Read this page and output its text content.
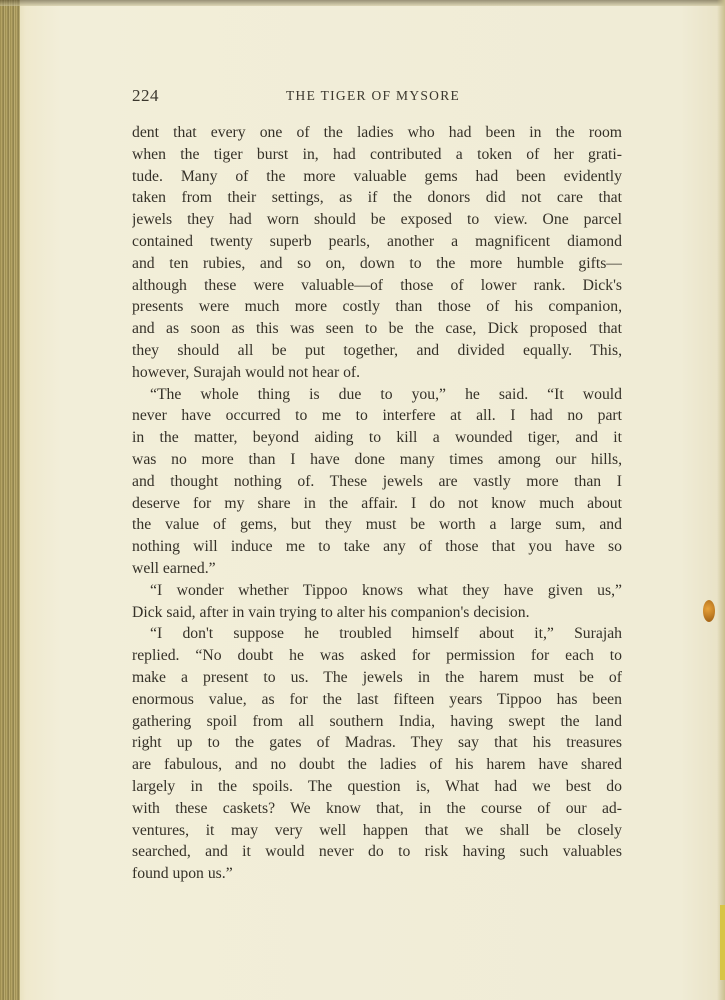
224	THE TIGER OF MYSORE
dent that every one of the ladies who had been in the room
when the tiger burst in, had contributed a token of her grati-
tude. Many of the more valuable gems had been evidently
taken from their settings, as if the donors did not care that
jewels they had worn should be exposed to view. One parcel
contained twenty superb pearls, another a magnificent diamond
and ten rubies, and so on, down to the more humble gifts—
although these were valuable—of those of lower rank. Dick's
presents were much more costly than those of his companion,
and as soon as this was seen to be the case, Dick proposed that
they should all be put together, and divided equally. This,
however, Surajah would not hear of.
“The whole thing is due to you,” he said. “It would
never have occurred to me to interfere at all. I had no part
in the matter, beyond aiding to kill a wounded tiger, and it
was no more than I have done many times among our hills,
and thought nothing of. These jewels are vastly more than I
deserve for my share in the affair. I do not know much about
the value of gems, but they must be worth a large sum, and
nothing will induce me to take any of those that you have so
well earned.”
“I wonder whether Tippoo knows what they have given us,”
Dick said, after in vain trying to alter his companion's decision.
“I don't suppose he troubled himself about it,” Surajah
replied. “No doubt he was asked for permission for each to
make a present to us. The jewels in the harem must be of
enormous value, as for the last fifteen years Tippoo has been
gathering spoil from all southern India, having swept the land
right up to the gates of Madras. They say that his treasures
are fabulous, and no doubt the ladies of his harem have shared
largely in the spoils. The question is, What had we best do
with these caskets? We know that, in the course of our ad-
ventures, it may very well happen that we shall be closely
searched, and it would never do to risk having such valuables
found upon us.”
